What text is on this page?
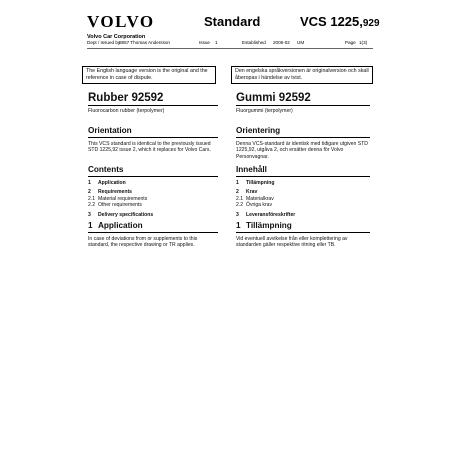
VOLVO
Volvo Car Corporation
Standard	VCS 1225,929
Dept / Issued by
8857 Thomas Andersson	Issue 1	Established 2006-02 UM	Page 1(3)
The English language version is the original and the reference in case of dispute.
Den engelska språkversionen är originalversion och skall åberopas i händelse av tvist.
Rubber 92592
Fluorocarbon rubber (terpolymer)
Orientation
This VCS standard is identical to the previously issued STD 1225,92 issue 2, which it replaces for Volvo Cars.
Contents
1 Application
2 Requirements
2.1 Material requirements
2.2 Other requirements
3 Delivery specifications
1 Application
In case of deviations from or supplements to this standard, the respective drawing or TR applies.
Gummi 92592
Fluorgummi (terpolymer)
Orientering
Denna VCS-standard är identisk med tidigare utgiven STD 1225,92, utgåva 2, och ersätter denna för Volvo Personvagnar.
Innehåll
1 Tillämpning
2 Krav
2.1 Materialkrav
2.2 Övriga krav
3 Leveransföreskrifter
1 Tillämpning
Vid eventuell avvikelse från eller komplettering av standarden gäller respektive ritning eller TB.
